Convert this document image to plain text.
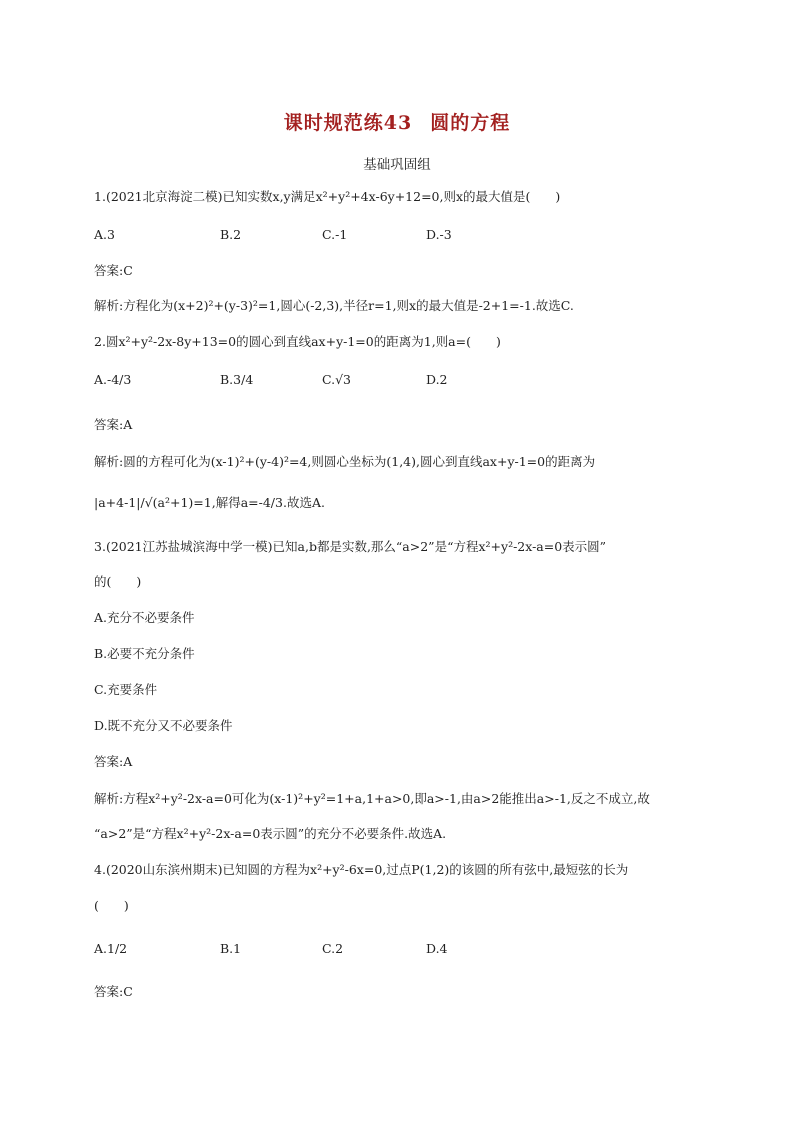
课时规范练43 圆的方程
基础巩固组
1.(2021北京海淀二模)已知实数x,y满足x²+y²+4x-6y+12=0,则x的最大值是(　　)
A.3	B.2	C.-1	D.-3
答案:C
解析:方程化为(x+2)²+(y-3)²=1,圆心(-2,3),半径r=1,则x的最大值是-2+1=-1.故选C.
2.圆x²+y²-2x-8y+13=0的圆心到直线ax+y-1=0的距离为1,则a=(　　)
A.-4/3	B.3/4	C.√3	D.2
答案:A
解析:圆的方程可化为(x-1)²+(y-4)²=4,则圆心坐标为(1,4),圆心到直线ax+y-1=0的距离为
|a+4-1|/√(a²+1)=1,解得a=-4/3.故选A.
3.(2021江苏盐城滨海中学一模)已知a,b都是实数,那么“a>2”是“方程x²+y²-2x-a=0表示圆”
的(　　)
A.充分不必要条件
B.必要不充分条件
C.充要条件
D.既不充分又不必要条件
答案:A
解析:方程x²+y²-2x-a=0可化为(x-1)²+y²=1+a,1+a>0,即a>-1,由a>2能推出a>-1,反之不成立,故
“a>2”是“方程x²+y²-2x-a=0表示圆”的充分不必要条件.故选A.
4.(2020山东滨州期末)已知圆的方程为x²+y²-6x=0,过点P(1,2)的该圆的所有弦中,最短弦的长为
(　　)
A.1/2	B.1	C.2	D.4
答案:C
